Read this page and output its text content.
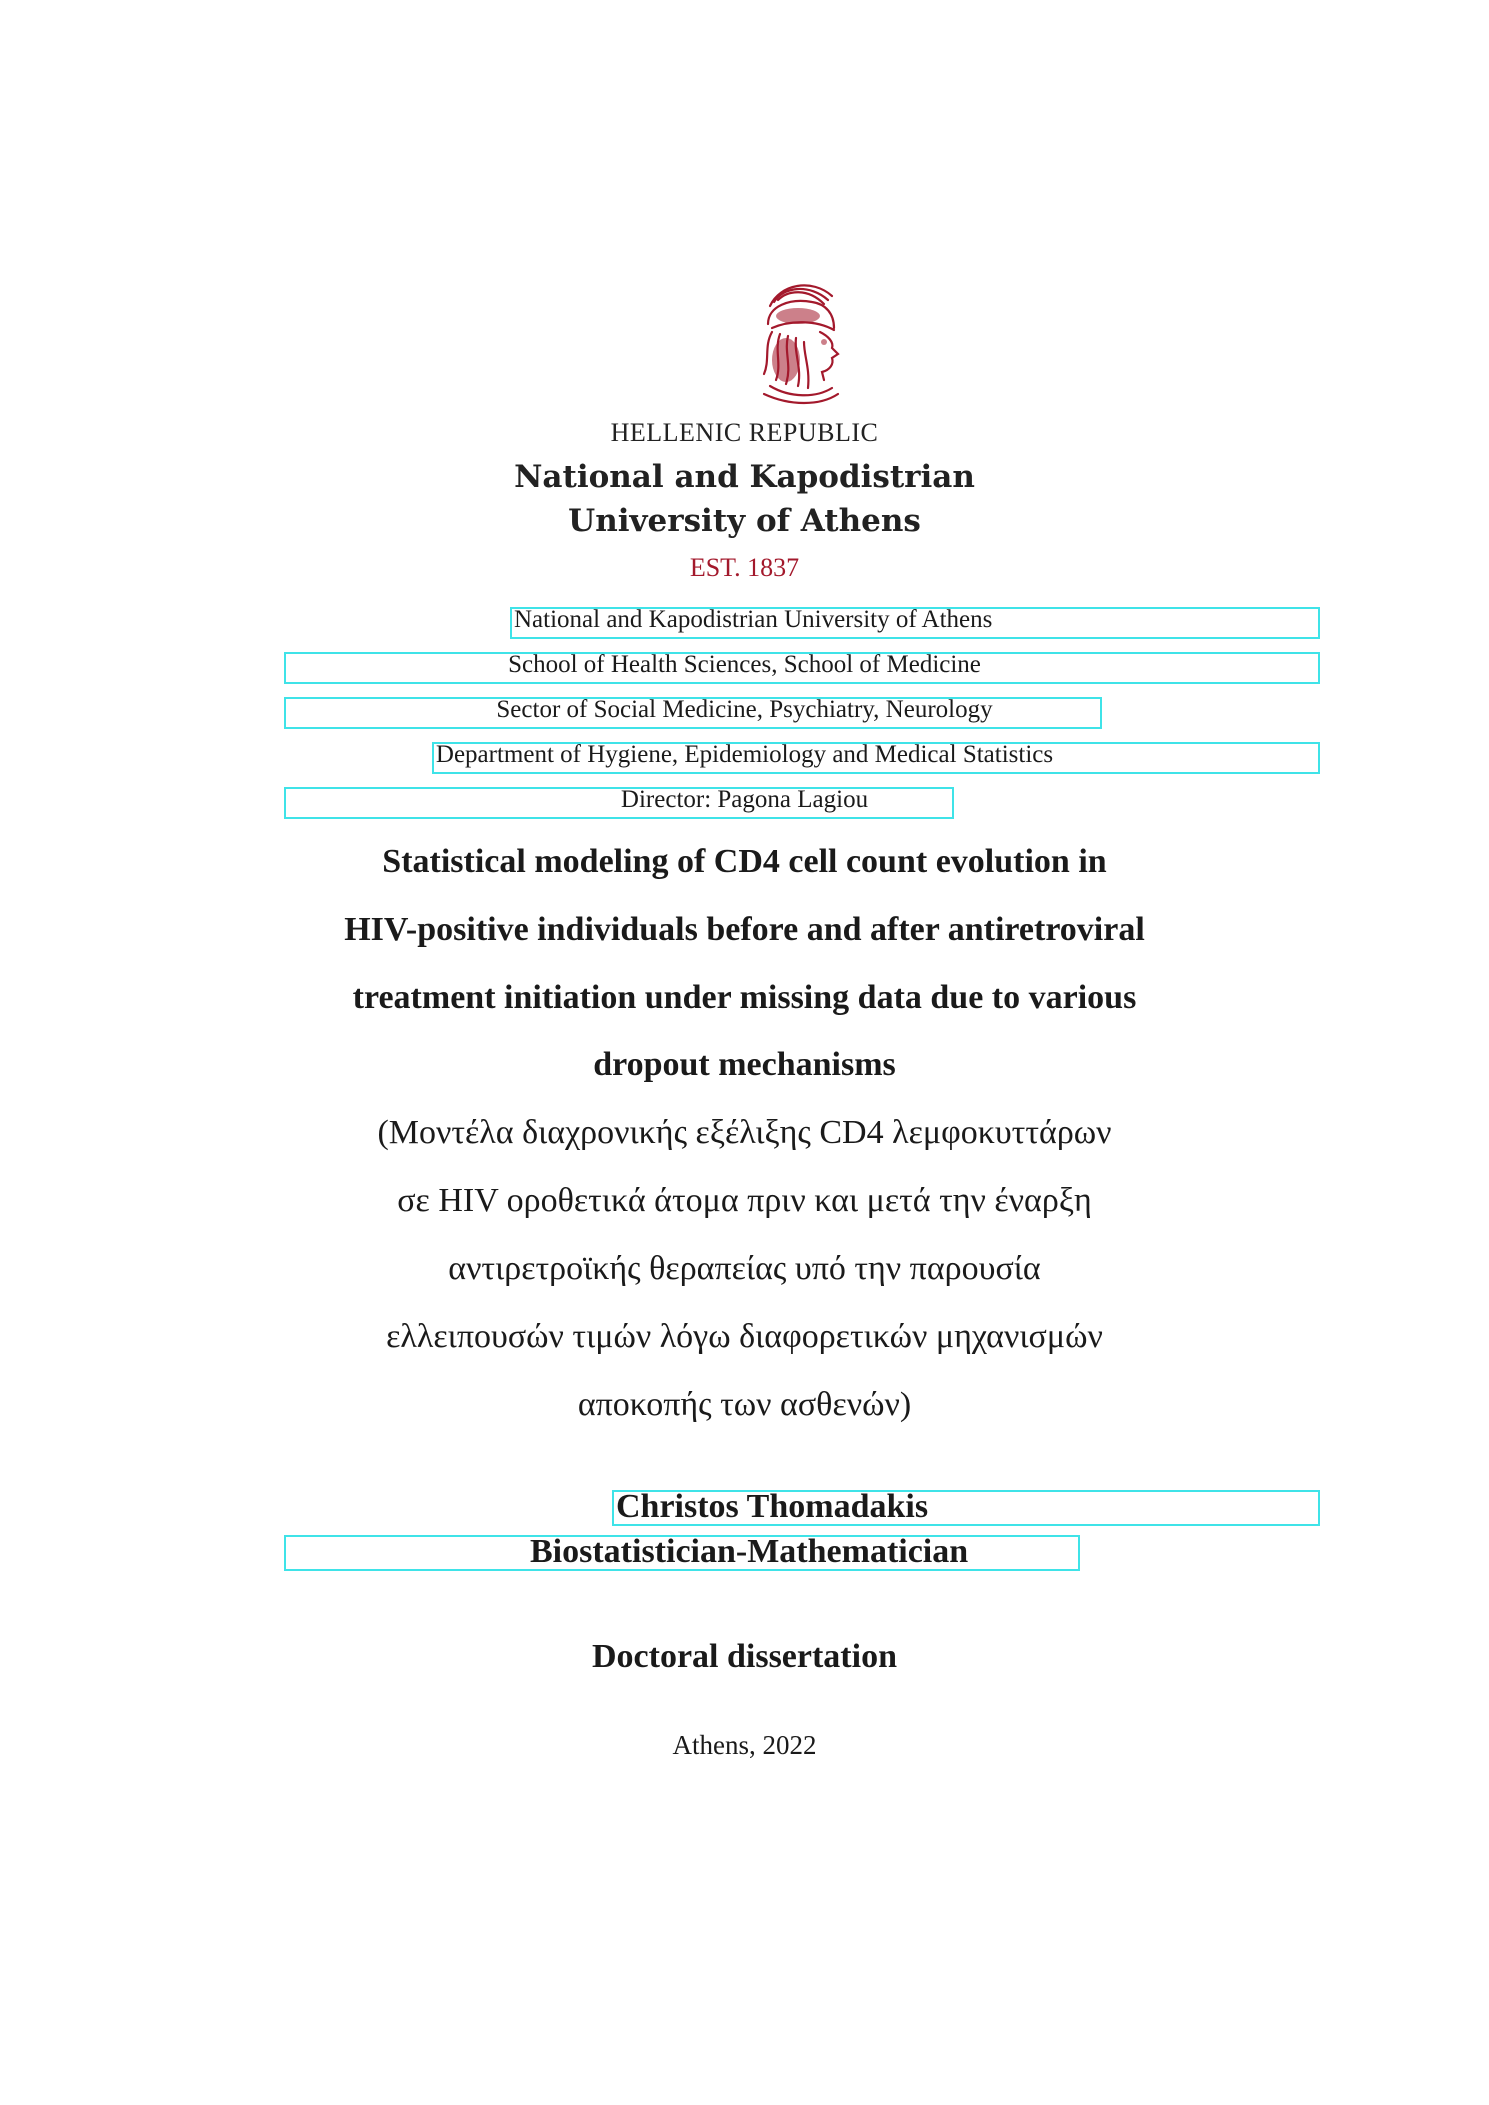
HELLENIC REPUBLIC
National and Kapodistrian
University of Athens
EST. 1837
National and Kapodistrian University of Athens
School of Health Sciences, School of Medicine
Sector of Social Medicine, Psychiatry, Neurology
Department of Hygiene, Epidemiology and Medical Statistics
Director: Pagona Lagiou
Statistical modeling of CD4 cell count evolution in
HIV-positive individuals before and after antiretroviral
treatment initiation under missing data due to various
dropout mechanisms
(Μοντέλα διαχρονικής εξέλιξης CD4 λεμφοκυττάρων
σε HIV οροθετικά άτομα πριν και μετά την έναρξη
αντιρετροϊκής θεραπείας υπό την παρουσία
ελλειπουσών τιμών λόγω διαφορετικών μηχανισμών
αποκοπής των ασθενών)
Christos Thomadakis
Biostatistician-Mathematician
Doctoral dissertation
Athens, 2022
